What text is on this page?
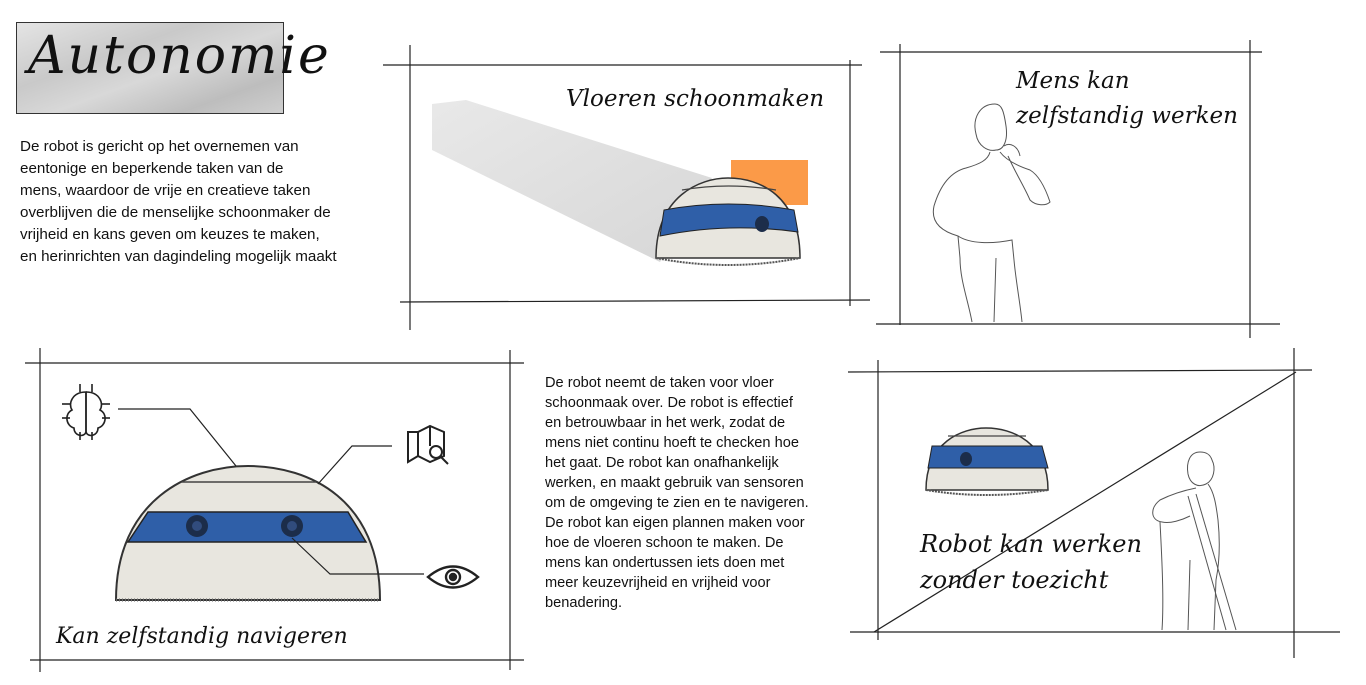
Autonomie
De robot is gericht op het overnemen van
eentonige en beperkende taken van de
mens, waardoor de vrije en creatieve taken
overblijven die de menselijke schoonmaker de
vrijheid en kans geven om keuzes te maken,
en herinrichten van dagindeling mogelijk maakt
De robot neemt de taken voor vloer
schoonmaak over. De robot is effectief
en betrouwbaar in het werk, zodat de
mens niet continu hoeft te checken hoe
het gaat. De robot kan onafhankelijk
werken, en maakt gebruik van sensoren
om de omgeving te zien en te navigeren.
De robot kan eigen plannen maken voor
hoe de vloeren schoon te maken. De
mens kan ondertussen iets doen met
meer keuzevrijheid en vrijheid voor
benadering.
Vloeren schoonmaken
Mens kan
zelfstandig werken
Kan zelfstandig navigeren
Robot kan werken
zonder toezicht
